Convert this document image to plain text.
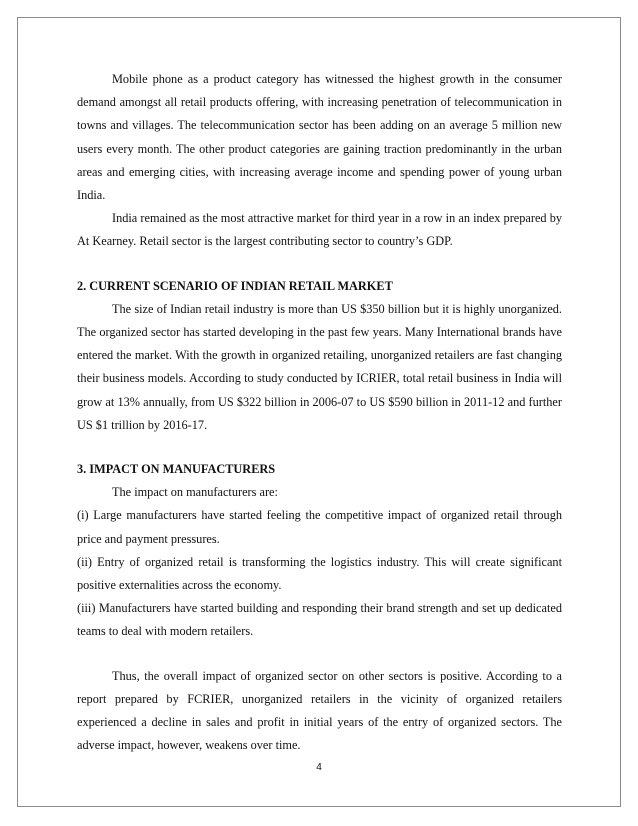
Mobile phone as a product category has witnessed the highest growth in the consumer demand amongst all retail products offering, with increasing penetration of telecommunication in towns and villages. The telecommunication sector has been adding on an average 5 million new users every month. The other product categories are gaining traction predominantly in the urban areas and emerging cities, with increasing average income and spending power of young urban India.

India remained as the most attractive market for third year in a row in an index prepared by At Kearney. Retail sector is the largest contributing sector to country’s GDP.

2. CURRENT SCENARIO OF INDIAN RETAIL MARKET

The size of Indian retail industry is more than US $350 billion but it is highly unorganized. The organized sector has started developing in the past few years. Many International brands have entered the market. With the growth in organized retailing, unorganized retailers are fast changing their business models. According to study conducted by ICRIER, total retail business in India will grow at 13% annually, from US $322 billion in 2006-07 to US $590 billion in 2011-12 and further US $1 trillion by 2016-17.

3. IMPACT ON MANUFACTURERS

The impact on manufacturers are:

(i) Large manufacturers have started feeling the competitive impact of organized retail through price and payment pressures.

(ii) Entry of organized retail is transforming the logistics industry. This will create significant positive externalities across the economy.

(iii) Manufacturers have started building and responding their brand strength and set up dedicated teams to deal with modern retailers.

Thus, the overall impact of organized sector on other sectors is positive. According to a report prepared by FCRIER, unorganized retailers in the vicinity of organized retailers experienced a decline in sales and profit in initial years of the entry of organized sectors. The adverse impact, however, weakens over time.

4
